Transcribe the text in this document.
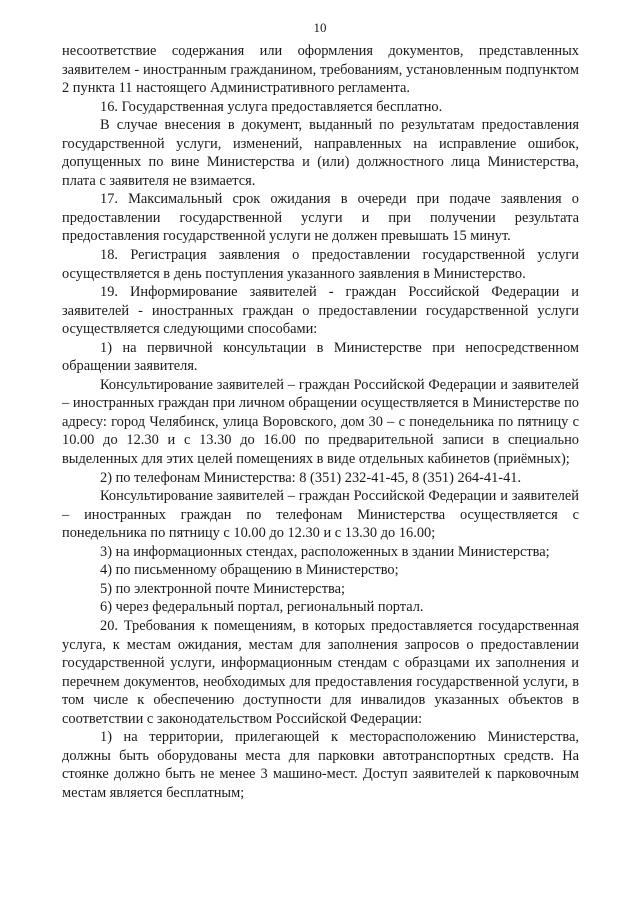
10

несоответствие содержания или оформления документов, представленных заявителем - иностранным гражданином, требованиям, установленным подпунктом 2 пункта 11 настоящего Административного регламента.

16. Государственная услуга предоставляется бесплатно.

В случае внесения в документ, выданный по результатам предоставления государственной услуги, изменений, направленных на исправление ошибок, допущенных по вине Министерства и (или) должностного лица Министерства, плата с заявителя не взимается.

17. Максимальный срок ожидания в очереди при подаче заявления о предоставлении государственной услуги и при получении результата предоставления государственной услуги не должен превышать 15 минут.

18. Регистрация заявления о предоставлении государственной услуги осуществляется в день поступления указанного заявления в Министерство.

19. Информирование заявителей - граждан Российской Федерации и заявителей - иностранных граждан о предоставлении государственной услуги осуществляется следующими способами:

1) на первичной консультации в Министерстве при непосредственном обращении заявителя.

Консультирование заявителей – граждан Российской Федерации и заявителей – иностранных граждан при личном обращении осуществляется в Министерстве по адресу: город Челябинск, улица Воровского, дом 30 – с понедельника по пятницу с 10.00 до 12.30 и с 13.30 до 16.00 по предварительной записи в специально выделенных для этих целей помещениях в виде отдельных кабинетов (приёмных);

2) по телефонам Министерства: 8 (351) 232-41-45, 8 (351) 264-41-41.

Консультирование заявителей – граждан Российской Федерации и заявителей – иностранных граждан по телефонам Министерства осуществляется с понедельника по пятницу с 10.00 до 12.30 и с 13.30 до 16.00;

3) на информационных стендах, расположенных в здании Министерства;

4) по письменному обращению в Министерство;

5) по электронной почте Министерства;

6) через федеральный портал, региональный портал.

20. Требования к помещениям, в которых предоставляется государственная услуга, к местам ожидания, местам для заполнения запросов о предоставлении государственной услуги, информационным стендам с образцами их заполнения и перечнем документов, необходимых для предоставления государственной услуги, в том числе к обеспечению доступности для инвалидов указанных объектов в соответствии с законодательством Российской Федерации:

1) на территории, прилегающей к месторасположению Министерства, должны быть оборудованы места для парковки автотранспортных средств. На стоянке должно быть не менее 3 машино-мест. Доступ заявителей к парковочным местам является бесплатным;
